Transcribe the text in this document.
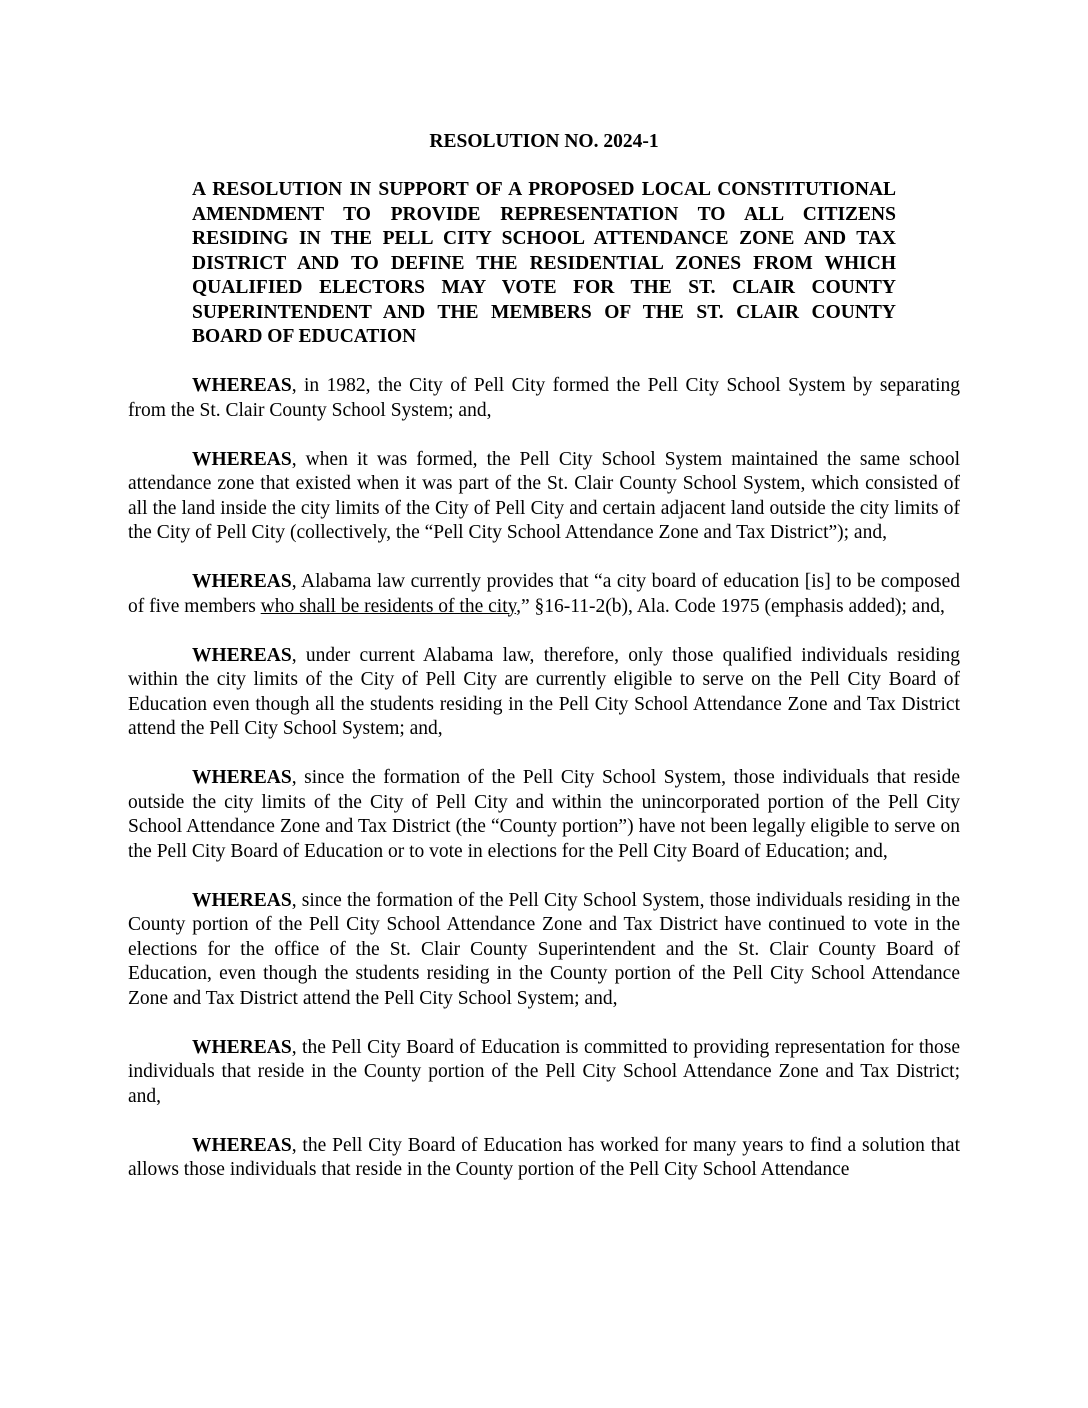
RESOLUTION NO. 2024-1

A RESOLUTION IN SUPPORT OF A PROPOSED LOCAL CONSTITUTIONAL AMENDMENT TO PROVIDE REPRESENTATION TO ALL CITIZENS RESIDING IN THE PELL CITY SCHOOL ATTENDANCE ZONE AND TAX DISTRICT AND TO DEFINE THE RESIDENTIAL ZONES FROM WHICH QUALIFIED ELECTORS MAY VOTE FOR THE ST. CLAIR COUNTY SUPERINTENDENT AND THE MEMBERS OF THE ST. CLAIR COUNTY BOARD OF EDUCATION

WHEREAS, in 1982, the City of Pell City formed the Pell City School System by separating from the St. Clair County School System; and,

WHEREAS, when it was formed, the Pell City School System maintained the same school attendance zone that existed when it was part of the St. Clair County School System, which consisted of all the land inside the city limits of the City of Pell City and certain adjacent land outside the city limits of the City of Pell City (collectively, the “Pell City School Attendance Zone and Tax District”); and,

WHEREAS, Alabama law currently provides that “a city board of education [is] to be composed of five members who shall be residents of the city,” §16-11-2(b), Ala. Code 1975 (emphasis added); and,

WHEREAS, under current Alabama law, therefore, only those qualified individuals residing within the city limits of the City of Pell City are currently eligible to serve on the Pell City Board of Education even though all the students residing in the Pell City School Attendance Zone and Tax District attend the Pell City School System; and,

WHEREAS, since the formation of the Pell City School System, those individuals that reside outside the city limits of the City of Pell City and within the unincorporated portion of the Pell City School Attendance Zone and Tax District (the “County portion”) have not been legally eligible to serve on the Pell City Board of Education or to vote in elections for the Pell City Board of Education; and,

WHEREAS, since the formation of the Pell City School System, those individuals residing in the County portion of the Pell City School Attendance Zone and Tax District have continued to vote in the elections for the office of the St. Clair County Superintendent and the St. Clair County Board of Education, even though the students residing in the County portion of the Pell City School Attendance Zone and Tax District attend the Pell City School System; and,

WHEREAS, the Pell City Board of Education is committed to providing representation for those individuals that reside in the County portion of the Pell City School Attendance Zone and Tax District; and,

WHEREAS, the Pell City Board of Education has worked for many years to find a solution that allows those individuals that reside in the County portion of the Pell City School Attendance
